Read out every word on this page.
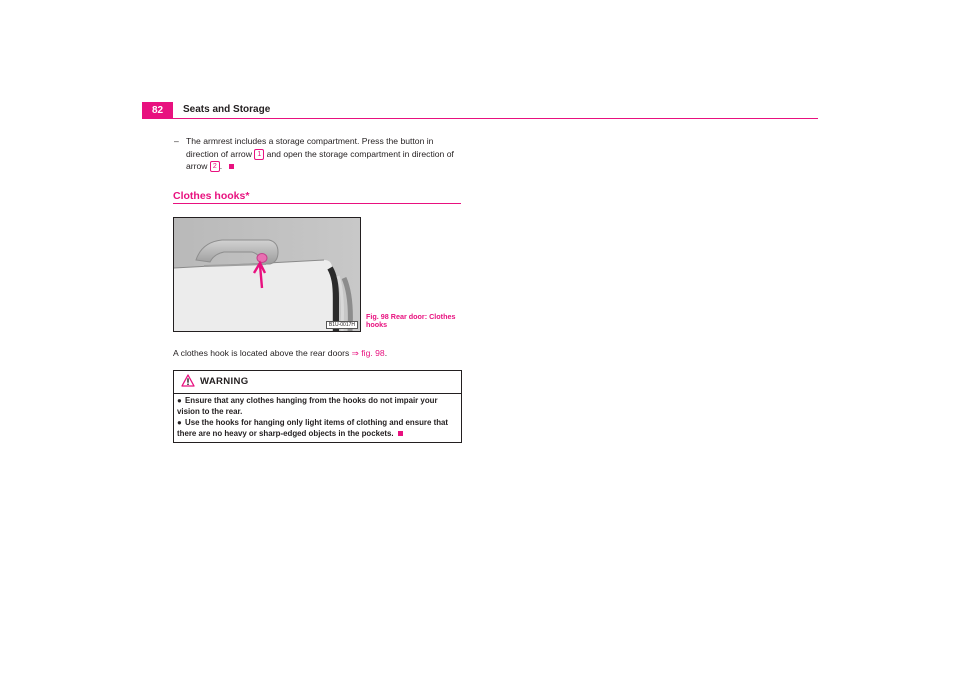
82	Seats and Storage
– The armrest includes a storage compartment. Press the button in direction of arrow 1 and open the storage compartment in direction of arrow 2 .
Clothes hooks*
B1U-0017H
Fig. 98 Rear door: Clothes hooks
A clothes hook is located above the rear doors ⇒ fig. 98.
WARNING
● Ensure that any clothes hanging from the hooks do not impair your vision to the rear.
● Use the hooks for hanging only light items of clothing and ensure that there are no heavy or sharp-edged objects in the pockets.
